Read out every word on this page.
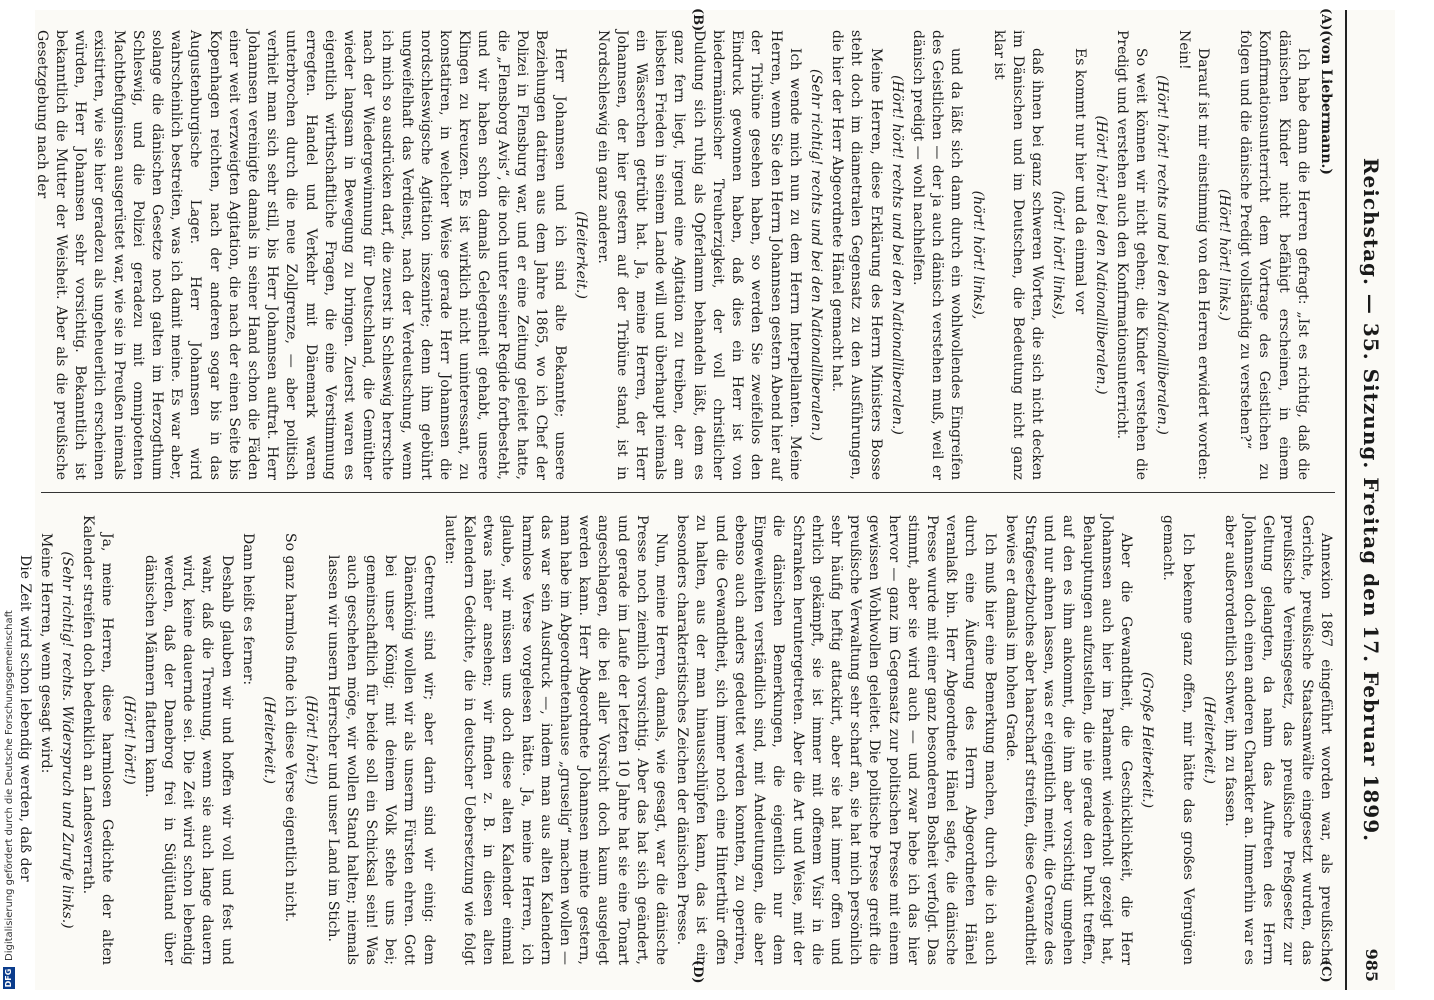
Reichstag. — 35. Sitzung. Freitag den 17. Februar 1899.
985
(A)
(B)
(C)
(D)
(von Liebermann.)

Ich habe dann die Herren gefragt: „Ist es richtig, daß die dänischen Kinder nicht befähigt erscheinen, in einem Konfirmationsunterricht dem Vortrage des Geistlichen zu folgen und die dänische Predigt vollständig zu verstehen?“

(Hört! hört! links.)

Darauf ist mir einstimmig von den Herren erwidert worden: Nein!

(Hört! hört! rechts und bei den Nationalliberalen.)

So weit können wir nicht gehen; die Kinder verstehen die Predigt und verstehen auch den Konfirmationsunterricht.

(Hört! hört! bei den Nationalliberalen.)

Es kommt nur hier und da einmal vor

(hört! hört! links),

daß ihnen bei ganz schweren Worten, die sich nicht decken im Dänischen und im Deutschen, die Bedeutung nicht ganz klar ist

(hört! hört! links),

und da läßt sich dann durch ein wohlwollendes Eingreifen des Geistlichen — der ja auch dänisch verstehen muß, weil er dänisch predigt — wohl nachhelfen.

(Hört! hört! rechts und bei den Nationalliberalen.)

Meine Herren, diese Erklärung des Herrn Ministers Bosse steht doch im diametralen Gegensatz zu den Ausführungen, die hier der Herr Abgeordnete Hänel gemacht hat.

(Sehr richtig! rechts und bei den Nationalliberalen.)

Ich wende mich nun zu dem Herrn Interpellanten. Meine Herren, wenn Sie den Herrn Johannsen gestern Abend hier auf der Tribüne gesehen haben, so werden Sie zweifellos den Eindruck gewonnen haben, daß dies ein Herr ist von biedermännischer Treuherzigkeit, der voll christlicher Duldung sich ruhig als Opferlamm behandeln läßt, dem es ganz fern liegt, irgend eine Agitation zu treiben, der am liebsten Frieden in seinem Lande will und überhaupt niemals ein Wässerchen getrübt hat. Ja, meine Herren, der Herr Johannsen, der hier gestern auf der Tribüne stand, ist in Nordschleswig ein ganz anderer.

(Heiterkeit.)

Herr Johannsen und ich sind alte Bekannte; unsere Beziehungen datiren aus dem Jahre 1865, wo ich Chef der Polizei in Flensburg war, und er eine Zeitung geleitet hatte, die „Flensborg Avis“, die noch unter seiner Regide fortbesteht, und wir haben schon damals Gelegenheit gehabt, unsere Klingen zu kreuzen. Es ist wirklich nicht uninteressant, zu konstatiren, in welcher Weise gerade Herr Johannsen die nordschleswigsche Agitation inszenirte; denn ihm gebührt ungweifelhaft das Verdienst, nach der Verdeutschung, wenn ich mich so ausdrücken darf, die zuerst in Schleswig herrschte nach der Wiedergewinnung für Deutschland, die Gemüther wieder langsam in Bewegung zu bringen. Zuerst waren es eigentlich wirthschaftliche Fragen, die eine Verstimmung erregten. Handel und Verkehr mit Dänemark waren unterbrochen durch die neue Zollgrenze, — aber politisch verhielt man sich sehr still, bis Herr Johannsen auftrat. Herr Johannsen vereinigte damals in seiner Hand schon die Fäden einer weit verzweigten Agitation, die nach der einen Seite bis Kopenhagen reichten, nach der anderen sogar bis in das Augustenburgische Lager. Herr Johannsen wird wahrscheinlich bestreiten, was ich damit meine. Es war aber, solange die dänischen Gesetze noch galten im Herzogthum Schleswig, und die Polizei geradezu mit omnipotenten Machtbefugnissen ausgerüstet war, wie sie in Preußen niemals existirten, wie sie hier geradezu als ungeheuerlich erscheinen würden, Herr Johannsen sehr vorsichtig. Bekanntlich ist bekanntlich die Mutter der Weisheit. Aber als die preußische Gesetzgebung nach der

Annexion 1867 eingeführt worden war, als preußische Gerichte, preußische Staatsanwälte eingesetzt wurden, das preußische Vereinsgesetz, das preußische Preßgesetz zur Geltung gelangten, da nahm das Auftreten des Herrn Johannsen doch einen anderen Charakter an. Immerhin war es aber außerordentlich schwer, ihn zu fassen.

(Heiterkeit.)

Ich bekenne ganz offen, mir hätte das großes Vergnügen gemacht.

(Große Heiterkeit.)

Aber die Gewandtheit, die Geschicklichkeit, die Herr Johannsen auch hier im Parlament wiederholt gezeigt hat, Behauptungen aufzustellen, die nie gerade den Punkt treffen, auf den es ihm ankommt, die ihm aber vorsichtig umgehen und nur ahnen lassen, was er eigentlich meint, die Grenze des Strafgesetzbuches aber haarscharf streifen, diese Gewandtheit bewies er damals im hohen Grade.

Ich muß hier eine Bemerkung machen, durch die ich auch durch eine Äußerung des Herrn Abgeordneten Hänel veranlaßt bin. Herr Abgeordnete Hänel sagte, die dänische Presse wurde mit einer ganz besonderen Bosheit verfolgt. Das stimmt, aber sie wird auch — und zwar hebe ich das hier hervor — ganz im Gegensatz zur politischen Presse mit einem gewissen Wohlwollen geleitet. Die politische Presse greift die preußische Verwaltung sehr scharf an, sie hat mich persönlich sehr häufig heftig attackirt, aber sie hat immer offen und ehrlich gekämpft, sie ist immer mit offenem Visir in die Schranken heruntergetreten. Aber die Art und Weise, mit der die dänischen Bemerkungen, die eigentlich nur dem Eingeweihten verständlich sind, mit Andeutungen, die aber ebenso auch anders gedeutet werden konnten, zu operiren, und die Gewandtheit, sich immer noch eine Hinterthür offen zu halten, aus der man hinausschlüpfen kann, das ist ein besonders charakteristisches Zeichen der dänischen Presse.

Nun, meine Herren, damals, wie gesagt, war die dänische Presse noch ziemlich vorsichtig. Aber das hat sich geändert, und gerade im Laufe der letzten 10 Jahre hat sie eine Tonart angeschlagen, die bei aller Vorsicht doch kaum ausgelegt werden kann. Herr Abgeordnete Johannsen meinte gestern, man habe im Abgeordnetenhause „gruselig“ machen wollen — das war sein Ausdruck —, indem man aus alten Kalendern harmlose Verse vorgelesen hätte. Ja, meine Herren, ich glaube, wir müssen uns doch diese alten Kalender einmal etwas näher ansehen; wir finden z. B. in diesen alten Kalendern Gedichte, die in deutscher Uebersetzung wie folgt lauten:

Getrennt sind wir; aber darin sind wir einig: dem Dänenkönig wollen wir als unserm Fürsten ehren. Gott bei unser König; mit deinem Volk stehe uns bei; gemeinschaftlich für beide soll ein Schicksal sein! Was auch geschehen möge, wir wollen Stand halten; niemals lassen wir unsern Herrscher und unser Land im Stich.

(Hört! hört!)

So ganz harmlos finde ich diese Verse eigentlich nicht.

(Heiterkeit.)

Dann heißt es ferner:

Deshalb glauben wir und hoffen wir voll und fest und wahr, daß die Trennung, wenn sie auch lange dauern wird, keine dauernde sei. Die Zeit wird schon lebendig werden, daß der Danebrog frei in Südjütland über dänischen Männern flattern kann.

(Hört! hört!)

Ja, meine Herren, diese harmlosen Gedichte der alten Kalender streifen doch bedenklich an Landesverrath.

(Sehr richtig! rechts. Widerspruch und Zurufe links.)

Meine Herren, wenn gesagt wird:

Die Zeit wird schon lebendig werden, daß der

DFG
Digitalisierung gefördert durch die Deutsche Forschungsgemeinschaft
